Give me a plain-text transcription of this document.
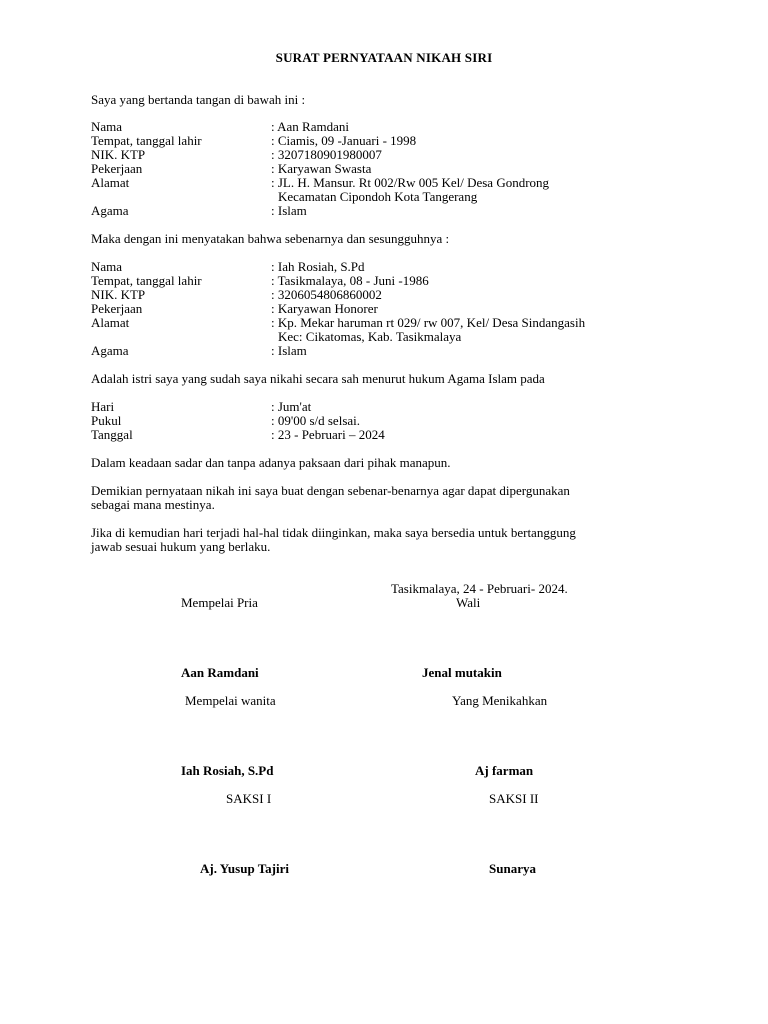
SURAT PERNYATAAN NIKAH SIRI
Saya yang bertanda tangan di bawah ini :
Nama	: Aan Ramdani
Tempat, tanggal lahir	: Ciamis, 09 -Januari - 1998
NIK. KTP	: 3207180901980007
Pekerjaan	: Karyawan Swasta
Alamat	: JL. H. Mansur. Rt 002/Rw 005 Kel/ Desa Gondrong
Kecamatan Cipondoh Kota Tangerang
Agama	: Islam
Maka dengan ini menyatakan bahwa sebenarnya dan sesungguhnya :
Nama	: Iah Rosiah, S.Pd
Tempat, tanggal lahir	: Tasikmalaya, 08 - Juni -1986
NIK. KTP	: 3206054806860002
Pekerjaan	: Karyawan Honorer
Alamat	: Kp. Mekar haruman rt 029/ rw 007, Kel/ Desa Sindangasih
Kec: Cikatomas, Kab. Tasikmalaya
Agama	: Islam
Adalah istri saya yang sudah saya nikahi secara sah menurut hukum Agama Islam pada
Hari	: Jum'at
Pukul	: 09'00 s/d selsai.
Tanggal	: 23 - Pebruari – 2024
Dalam keadaan sadar dan tanpa adanya paksaan dari pihak manapun.
Demikian pernyataan nikah ini saya buat dengan sebenar-benarnya agar dapat dipergunakan
sebagai mana mestinya.
Jika di kemudian hari terjadi hal-hal tidak diinginkan, maka saya bersedia untuk bertanggung
jawab sesuai hukum yang berlaku.
Tasikmalaya, 24 - Pebruari- 2024.
Mempelai Pria	Wali
Aan Ramdani	Jenal mutakin
Mempelai wanita	Yang Menikahkan
Iah Rosiah, S.Pd	Aj farman
SAKSI I	SAKSI II
Aj. Yusup Tajiri	Sunarya
